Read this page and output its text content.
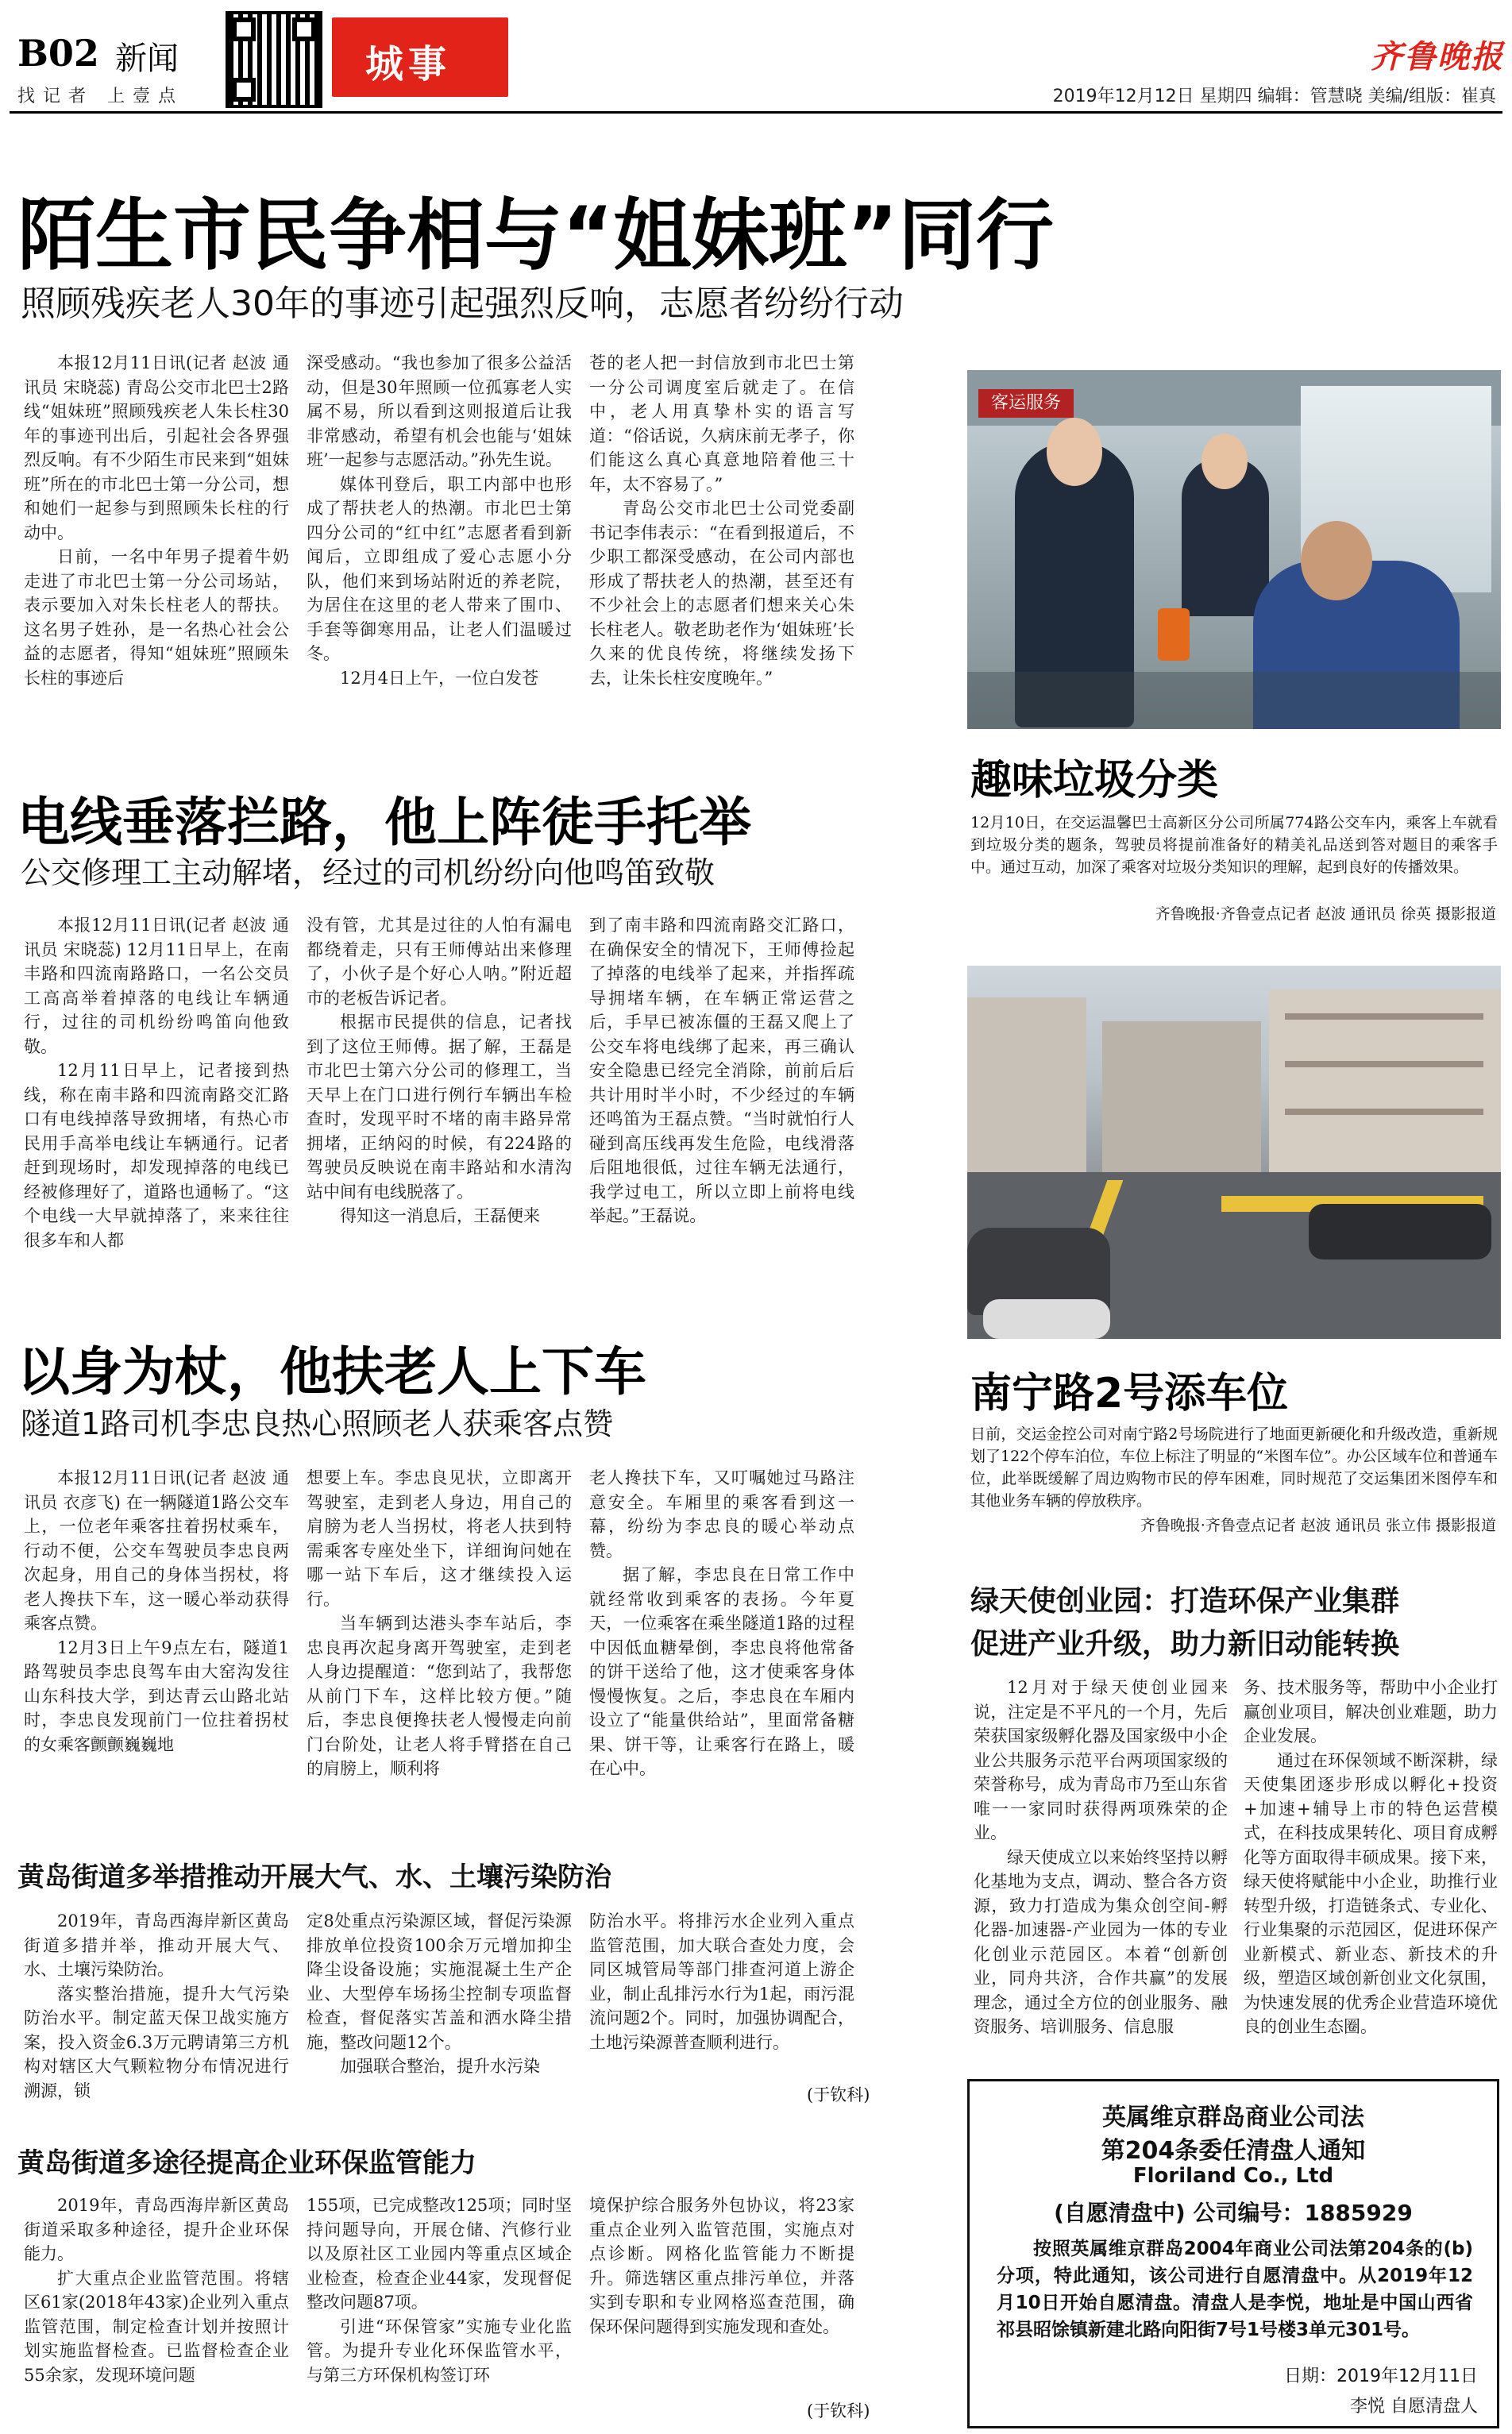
B02 新闻
找记者 上壹点
城事	齐鲁晚报
2019年12月12日 星期四 编辑：管慧晓 美编/组版：崔真
陌生市民争相与“姐妹班”同行
照顾残疾老人30年的事迹引起强烈反响，志愿者纷纷行动

本报12月11日讯(记者 赵波 通讯员 宋晓蕊) 青岛公交市北巴士2路线“姐妹班”照顾残疾老人朱长柱30年的事迹刊出后，引起社会各界强烈反响。有不少陌生市民来到“姐妹班”所在的市北巴士第一分公司，想和她们一起参与到照顾朱长柱的行动中。

日前，一名中年男子提着牛奶走进了市北巴士第一分公司场站，表示要加入对朱长柱老人的帮扶。这名男子姓孙，是一名热心社会公益的志愿者，得知“姐妹班”照顾朱长柱的事迹后

深受感动。“我也参加了很多公益活动，但是30年照顾一位孤寡老人实属不易，所以看到这则报道后让我非常感动，希望有机会也能与‘姐妹班’一起参与志愿活动。”孙先生说。

媒体刊登后，职工内部中也形成了帮扶老人的热潮。市北巴士第四分公司的“红中红”志愿者看到新闻后，立即组成了爱心志愿小分队，他们来到场站附近的养老院，为居住在这里的老人带来了围巾、手套等御寒用品，让老人们温暖过冬。

12月4日上午，一位白发苍

苍的老人把一封信放到市北巴士第一分公司调度室后就走了。在信中，老人用真挚朴实的语言写道：“俗话说，久病床前无孝子，你们能这么真心真意地陪着他三十年，太不容易了。”

青岛公交市北巴士公司党委副书记李伟表示：“在看到报道后，不少职工都深受感动，在公司内部也形成了帮扶老人的热潮，甚至还有不少社会上的志愿者们想来关心朱长柱老人。敬老助老作为‘姐妹班’长久来的优良传统，将继续发扬下去，让朱长柱安度晚年。”

客运服务
趣味垃圾分类
12月10日，在交运温馨巴士高新区分公司所属774路公交车内，乘客上车就看到垃圾分类的题条，驾驶员将提前准备好的精美礼品送到答对题目的乘客手中。通过互动，加深了乘客对垃圾分类知识的理解，起到良好的传播效果。
齐鲁晚报·齐鲁壹点记者 赵波 通讯员 徐英 摄影报道
电线垂落拦路，他上阵徒手托举
公交修理工主动解堵，经过的司机纷纷向他鸣笛致敬

本报12月11日讯(记者 赵波 通讯员 宋晓蕊) 12月11日早上，在南丰路和四流南路路口，一名公交员工高高举着掉落的电线让车辆通行，过往的司机纷纷鸣笛向他致敬。

12月11日早上，记者接到热线，称在南丰路和四流南路交汇路口有电线掉落导致拥堵，有热心市民用手高举电线让车辆通行。记者赶到现场时，却发现掉落的电线已经被修理好了，道路也通畅了。“这个电线一大早就掉落了，来来往往很多车和人都

没有管，尤其是过往的人怕有漏电都绕着走，只有王师傅站出来修理了，小伙子是个好心人呐。”附近超市的老板告诉记者。

根据市民提供的信息，记者找到了这位王师傅。据了解，王磊是市北巴士第六分公司的修理工，当天早上在门口进行例行车辆出车检查时，发现平时不堵的南丰路异常拥堵，正纳闷的时候，有224路的驾驶员反映说在南丰路站和水清沟站中间有电线脱落了。

得知这一消息后，王磊便来

到了南丰路和四流南路交汇路口，在确保安全的情况下，王师傅捡起了掉落的电线举了起来，并指挥疏导拥堵车辆，在车辆正常运营之后，手早已被冻僵的王磊又爬上了公交车将电线绑了起来，再三确认安全隐患已经完全消除，前前后后共计用时半小时，不少经过的车辆还鸣笛为王磊点赞。“当时就怕行人碰到高压线再发生危险，电线滑落后阻地很低，过往车辆无法通行，我学过电工，所以立即上前将电线举起。”王磊说。

南宁路2号添车位
日前，交运金控公司对南宁路2号场院进行了地面更新硬化和升级改造，重新规划了122个停车泊位，车位上标注了明显的“米图车位”。办公区域车位和普通车位，此举既缓解了周边购物市民的停车困难，同时规范了交运集团米图停车和其他业务车辆的停放秩序。
齐鲁晚报·齐鲁壹点记者 赵波 通讯员 张立伟 摄影报道
以身为杖，他扶老人上下车
隧道1路司机李忠良热心照顾老人获乘客点赞

本报12月11日讯(记者 赵波 通讯员 衣彦飞) 在一辆隧道1路公交车上，一位老年乘客拄着拐杖乘车，行动不便，公交车驾驶员李忠良两次起身，用自己的身体当拐杖，将老人搀扶下车，这一暖心举动获得乘客点赞。

12月3日上午9点左右，隧道1路驾驶员李忠良驾车由大窑沟发往山东科技大学，到达青云山路北站时，李忠良发现前门一位拄着拐杖的女乘客颤颤巍巍地

想要上车。李忠良见状，立即离开驾驶室，走到老人身边，用自己的肩膀为老人当拐杖，将老人扶到特需乘客专座处坐下，详细询问她在哪一站下车后，这才继续投入运行。

当车辆到达港头李车站后，李忠良再次起身离开驾驶室，走到老人身边提醒道：“您到站了，我帮您从前门下车，这样比较方便。”随后，李忠良便搀扶老人慢慢走向前门台阶处，让老人将手臂搭在自己的肩膀上，顺利将

老人搀扶下车，又叮嘱她过马路注意安全。车厢里的乘客看到这一幕，纷纷为李忠良的暖心举动点赞。

据了解，李忠良在日常工作中就经常收到乘客的表扬。今年夏天，一位乘客在乘坐隧道1路的过程中因低血糖晕倒，李忠良将他常备的饼干送给了他，这才使乘客身体慢慢恢复。之后，李忠良在车厢内设立了“能量供给站”，里面常备糖果、饼干等，让乘客行在路上，暖在心中。

绿天使创业园：打造环保产业集群
促进产业升级，助力新旧动能转换

12月对于绿天使创业园来说，注定是不平凡的一个月，先后荣获国家级孵化器及国家级中小企业公共服务示范平台两项国家级的荣誉称号，成为青岛市乃至山东省唯一一家同时获得两项殊荣的企业。

绿天使成立以来始终坚持以孵化基地为支点，调动、整合各方资源，致力打造成为集众创空间-孵化器-加速器-产业园为一体的专业化创业示范园区。本着“创新创业，同舟共济，合作共赢”的发展理念，通过全方位的创业服务、融资服务、培训服务、信息服

务、技术服务等，帮助中小企业打赢创业项目，解决创业难题，助力企业发展。

通过在环保领域不断深耕，绿天使集团逐步形成以孵化+投资+加速+辅导上市的特色运营模式，在科技成果转化、项目育成孵化等方面取得丰硕成果。接下来，绿天使将赋能中小企业，助推行业转型升级，打造链条式、专业化、行业集聚的示范园区，促进环保产业新模式、新业态、新技术的升级，塑造区域创新创业文化氛围，为快速发展的优秀企业营造环境优良的创业生态圈。

黄岛街道多举措推动开展大气、水、土壤污染防治

2019年，青岛西海岸新区黄岛街道多措并举，推动开展大气、水、土壤污染防治。

落实整治措施，提升大气污染防治水平。制定蓝天保卫战实施方案，投入资金6.3万元聘请第三方机构对辖区大气颗粒物分布情况进行溯源，锁

定8处重点污染源区域，督促污染源排放单位投资100余万元增加抑尘降尘设备设施；实施混凝土生产企业、大型停车场扬尘控制专项监督检查，督促落实苫盖和洒水降尘措施，整改问题12个。

加强联合整治，提升水污染

防治水平。将排污水企业列入重点监管范围，加大联合查处力度，会同区城管局等部门排查河道上游企业，制止乱排污水行为1起，雨污混流问题2个。同时，加强协调配合，土地污染源普查顺利进行。

(于钦科)
黄岛街道多途径提高企业环保监管能力

2019年，青岛西海岸新区黄岛街道采取多种途径，提升企业环保能力。

扩大重点企业监管范围。将辖区61家(2018年43家)企业列入重点监管范围，制定检查计划并按照计划实施监督检查。已监督检查企业55余家，发现环境问题

155项，已完成整改125项；同时坚持问题导向，开展仓储、汽修行业以及原社区工业园内等重点区域企业检查，检查企业44家，发现督促整改问题87项。

引进“环保管家”实施专业化监管。为提升专业化环保监管水平，与第三方环保机构签订环

境保护综合服务外包协议，将23家重点企业列入监管范围，实施点对点诊断。网格化监管能力不断提升。筛选辖区重点排污单位，并落实到专职和专业网格巡查范围，确保环保问题得到实施发现和查处。

(于钦科)
英属维京群岛商业公司法
第204条委任清盘人通知
Floriland Co., Ltd
(自愿清盘中) 公司编号：1885929
按照英属维京群岛2004年商业公司法第204条的(b)分项，特此通知，该公司进行自愿清盘中。从2019年12月10日开始自愿清盘。清盘人是李悦，地址是中国山西省祁县昭馀镇新建北路向阳街7号1号楼3单元301号。
日期：2019年12月11日
李悦 自愿清盘人
